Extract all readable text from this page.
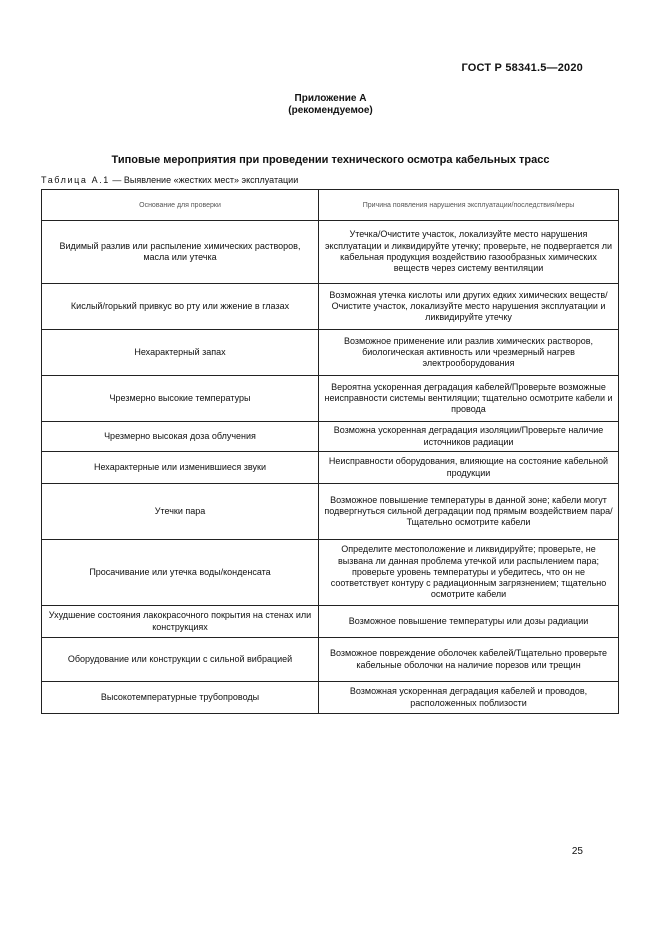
ГОСТ Р 58341.5—2020
Приложение А
(рекомендуемое)
Типовые мероприятия при проведении технического осмотра кабельных трасс
Таблица А.1 — Выявление «жестких мест» эксплуатации
Основание для проверки	Причина появления нарушения эксплуатации/последствия/меры
Видимый разлив или распыление химических растворов, масла или утечка	Утечка/Очистите участок, локализуйте место нарушения эксплуатации и ликвидируйте утечку; проверьте, не подвергается ли кабельная продукция воздействию газообразных химических веществ через систему вентиляции
Кислый/горький привкус во рту или жжение в глазах	Возможная утечка кислоты или других едких химических веществ/Очистите участок, локализуйте место нарушения эксплуатации и ликвидируйте утечку
Нехарактерный запах	Возможное применение или разлив химических растворов, биологическая активность или чрезмерный нагрев электрооборудования
Чрезмерно высокие температуры	Вероятна ускоренная деградация кабелей/Проверьте возможные неисправности системы вентиляции; тщательно осмотрите кабели и провода
Чрезмерно высокая доза облучения	Возможна ускоренная деградация изоляции/Проверьте наличие источников радиации
Нехарактерные или изменившиеся звуки	Неисправности оборудования, влияющие на состояние кабельной продукции
Утечки пара	Возможное повышение температуры в данной зоне; кабели могут подвергнуться сильной деградации под прямым воздействием пара/Тщательно осмотрите кабели
Просачивание или утечка воды/конденсата	Определите местоположение и ликвидируйте; проверьте, не вызвана ли данная проблема утечкой или распылением пара; проверьте уровень температуры и убедитесь, что он не соответствует контуру с радиационным загрязнением; тщательно осмотрите кабели
Ухудшение состояния лакокрасочного покрытия на стенах или конструкциях	Возможное повышение температуры или дозы радиации
Оборудование или конструкции с сильной вибрацией	Возможное повреждение оболочек кабелей/Тщательно проверьте кабельные оболочки на наличие порезов или трещин
Высокотемпературные трубопроводы	Возможная ускоренная деградация кабелей и проводов, расположенных поблизости
25
